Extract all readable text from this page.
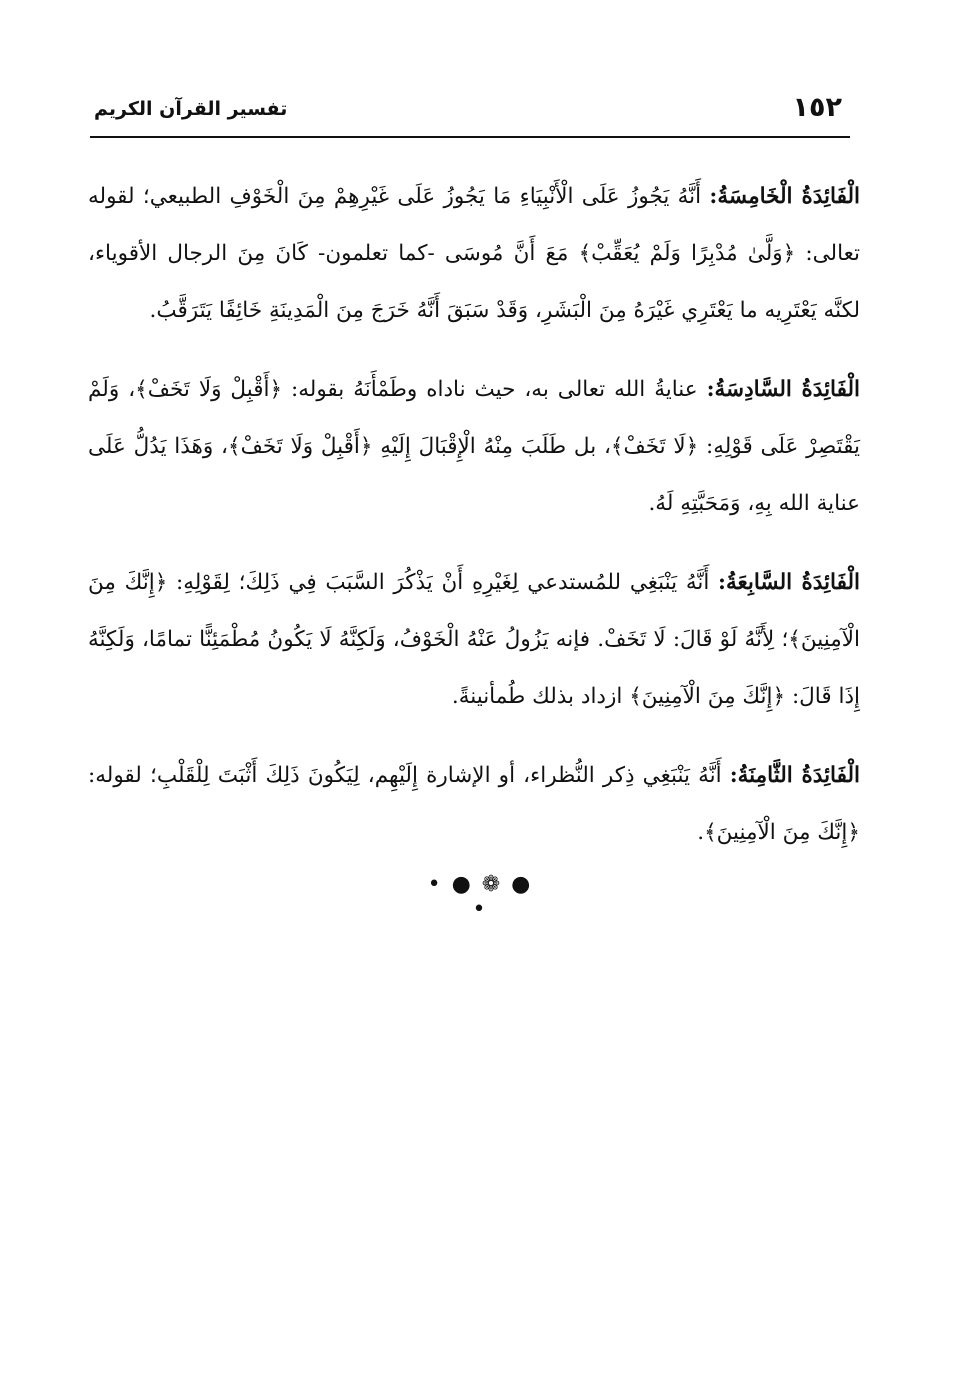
١٥٢
تفسير القرآن الكريم

الْفَائِدَةُ الْخَامِسَةُ: أَنَّهُ يَجُوزُ عَلَى الْأَنْبِيَاءِ مَا يَجُوزُ عَلَى غَيْرِهِمْ مِنَ الْخَوْفِ الطبيعي؛ لقوله تعالى: ﴿وَلَّىٰ مُدْبِرًا وَلَمْ يُعَقِّبْ﴾ مَعَ أَنَّ مُوسَى -كما تعلمون- كَانَ مِنَ الرجال الأقوياء، لكنَّه يَعْتَرِيه ما يَعْتَرِي غَيْرَهُ مِنَ الْبَشَرِ، وَقَدْ سَبَقَ أَنَّهُ خَرَجَ مِنَ الْمَدِينَةِ خَائِفًا يَتَرَقَّبُ.

الْفَائِدَةُ السَّادِسَةُ: عنايةُ الله تعالى به، حيث ناداه وطَمْأَنَهُ بقوله: ﴿أَقْبِلْ وَلَا تَخَفْ﴾، وَلَمْ يَقْتَصِرْ عَلَى قَوْلِهِ: ﴿لَا تَخَفْ﴾، بل طَلَبَ مِنْهُ الْإِقْبَالَ إِلَيْهِ ﴿أَقْبِلْ وَلَا تَخَفْ﴾، وَهَذَا يَدُلُّ عَلَى عناية الله بِهِ، وَمَحَبَّتِهِ لَهُ.

الْفَائِدَةُ السَّابِعَةُ: أَنَّهُ يَنْبَغِي للمُستدعي لِغَيْرِهِ أَنْ يَذْكُرَ السَّبَبَ فِي ذَلِكَ؛ لِقَوْلِهِ: ﴿إِنَّكَ مِنَ الْآمِنِينَ﴾؛ لِأَنَّهُ لَوْ قَالَ: لَا تَخَفْ. فإنه يَزُولُ عَنْهُ الْخَوْفُ، وَلَكِنَّهُ لَا يَكُونُ مُطْمَئِنًّا تمامًا، وَلَكِنَّهُ إِذَا قَالَ: ﴿إِنَّكَ مِنَ الْآمِنِينَ﴾ ازداد بذلك طُمأنينةً.

الْفَائِدَةُ الثَّامِنَةُ: أَنَّهُ يَنْبَغِي ذِكر النُّظراء، أو الإشارة إِلَيْهِم، لِيَكُونَ ذَلِكَ أَثْبَتَ لِلْقَلْبِ؛ لقوله: ﴿إِنَّكَ مِنَ الْآمِنِينَ﴾.

• ● ❁ ● •
